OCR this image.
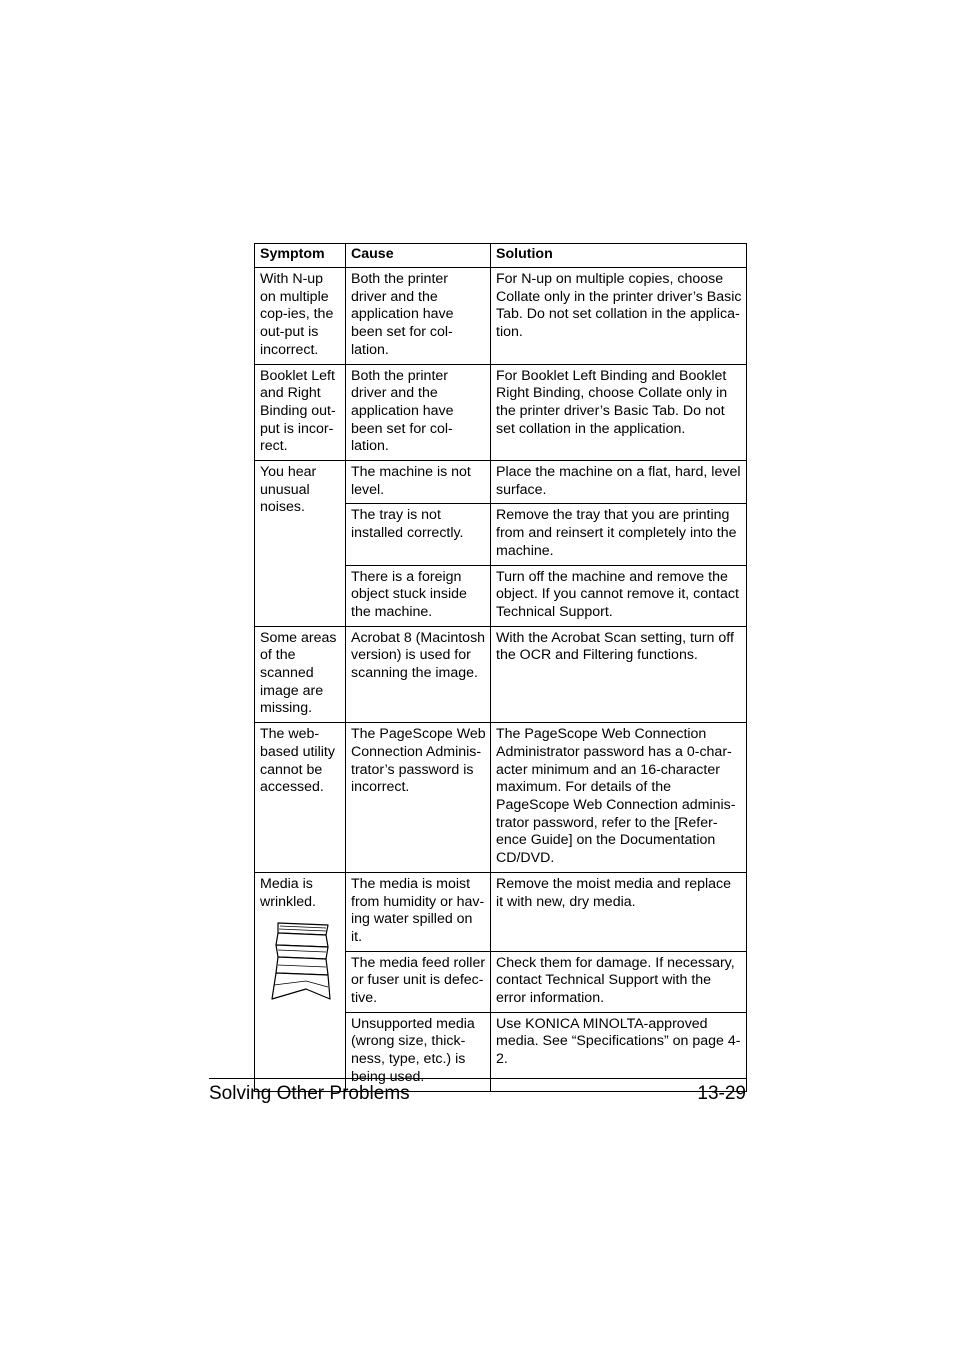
Symptom	Cause	Solution
With N-up on multiple cop-ies, the out-put is incorrect.	Both the printer driver and the application have been set for col-lation.	For N-up on multiple copies, choose Collate only in the printer driver’s Basic Tab. Do not set collation in the applica-tion.
Booklet Left and Right Binding out-put is incor-rect.	Both the printer driver and the application have been set for col-lation.	For Booklet Left Binding and Booklet Right Binding, choose Collate only in the printer driver’s Basic Tab. Do not set collation in the application.
You hear unusual noises.	The machine is not level.	Place the machine on a flat, hard, level surface.
	The tray is not installed correctly.	Remove the tray that you are printing from and reinsert it completely into the machine.
	There is a foreign object stuck inside the machine.	Turn off the machine and remove the object. If you cannot remove it, contact Technical Support.
Some areas of the scanned image are missing.	Acrobat 8 (Macintosh version) is used for scanning the image.	With the Acrobat Scan setting, turn off the OCR and Filtering functions.
The web-based utility cannot be accessed.	The PageScope Web Connection Adminis-trator’s password is incorrect.	The PageScope Web Connection Administrator password has a 0-char-acter minimum and an 16-character maximum. For details of the PageScope Web Connection adminis-trator password, refer to the [Refer-ence Guide] on the Documentation CD/DVD.

Media is wrinkled.	The media is moist from humidity or hav-ing water spilled on it.	Remove the moist media and replace it with new, dry media.
	The media feed roller or fuser unit is defec-tive.	Check them for damage. If necessary, contact Technical Support with the error information.
	Unsupported media (wrong size, thick-ness, type, etc.) is being used.	Use KONICA MINOLTA-approved media. See “Specifications” on page 4-2.
Solving Other Problems	13-29
